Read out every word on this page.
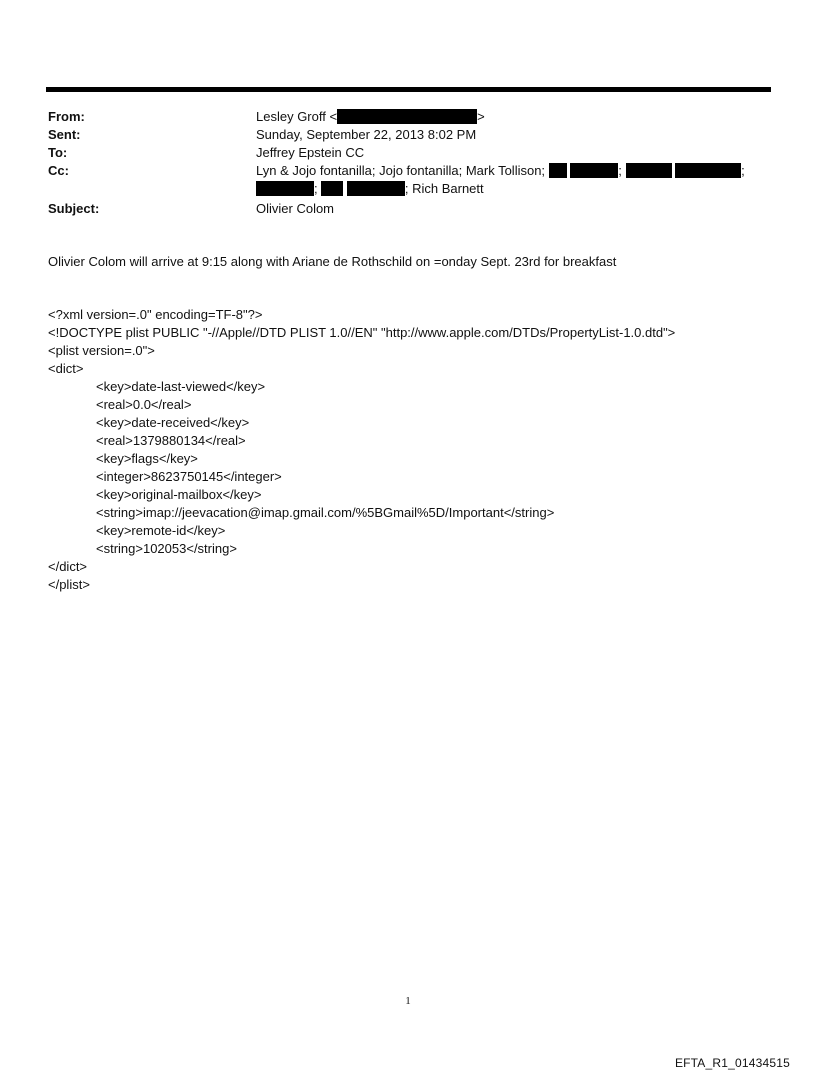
From:	Lesley Groff <	>
Sent:	Sunday, September 22, 2013 8:02 PM
To:	Jeffrey Epstein CC
Cc:	Lyn & Jojo fontanilla; Jojo fontanilla; Mark Tollison;	;	;
;	; Rich Barnett
Subject:	Olivier Colom
Olivier Colom will arrive at 9:15 along with Ariane de Rothschild on =onday Sept. 23rd for breakfast
<?xml version=.0" encoding=TF-8"?>
<!DOCTYPE plist PUBLIC "-//Apple//DTD PLIST 1.0//EN" "http://www.apple.com/DTDs/PropertyList-1.0.dtd">
<plist version=.0">
<dict>
<key>date-last-viewed</key>
<real>0.0</real>
<key>date-received</key>
<real>1379880134</real>
<key>flags</key>
<integer>8623750145</integer>
<key>original-mailbox</key>
<string>imap://jeevacation@imap.gmail.com/%5BGmail%5D/Important</string>
<key>remote-id</key>
<string>102053</string>
</dict>
</plist>
1
EFTA_R1_01434515
